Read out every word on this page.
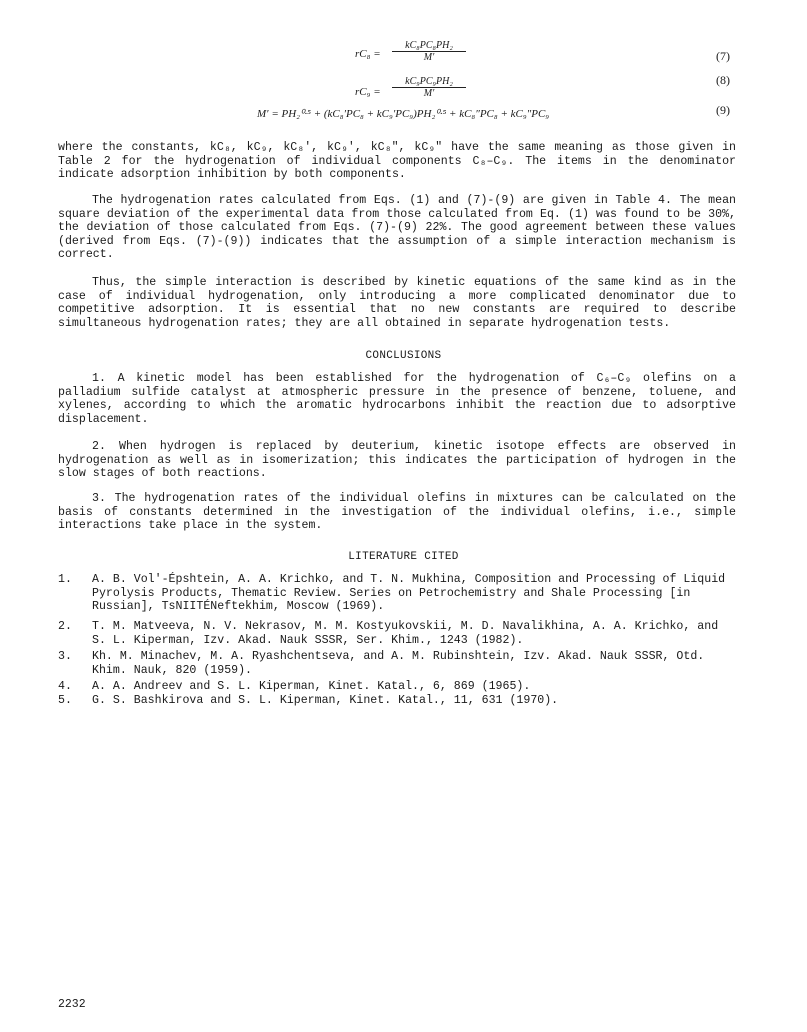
$rC_8 = \frac{\text{kC₈PC₈PH₂}}{M'}$	(7)
$rC_9 = \frac{\text{kC₉PC₉PH₂}}{M'}$	(8)
M′ = PH₂⁰·⁵ + (kC₈′PC₈ + kC₉′PC₉)PH₂⁰·⁵ + kC₈″PC₈ + kC₉″PC₉	(9)

where the constants, kC₈, kC₉, kC₈′, kC₉′, kC₈″, kC₉″ have the same meaning as those given in Table 2 for the hydrogenation of individual components C₈–C₉. The items in the denominator indicate adsorption inhibition by both components.

The hydrogenation rates calculated from Eqs. (1) and (7)-(9) are given in Table 4. The mean square deviation of the experimental data from those calculated from Eq. (1) was found to be 30%, the deviation of those calculated from Eqs. (7)-(9) 22%. The good agreement between these values (derived from Eqs. (7)-(9)) indicates that the assumption of a simple interaction mechanism is correct.

Thus, the simple interaction is described by kinetic equations of the same kind as in the case of individual hydrogenation, only introducing a more complicated denominator due to competitive adsorption. It is essential that no new constants are required to describe simultaneous hydrogenation rates; they are all obtained in separate hydrogenation tests.

CONCLUSIONS

1. A kinetic model has been established for the hydrogenation of C₆–C₉ olefins on a palladium sulfide catalyst at atmospheric pressure in the presence of benzene, toluene, and xylenes, according to which the aromatic hydrocarbons inhibit the reaction due to adsorptive displacement.

2. When hydrogen is replaced by deuterium, kinetic isotope effects are observed in hydrogenation as well as in isomerization; this indicates the participation of hydrogen in the slow stages of both reactions.

3. The hydrogenation rates of the individual olefins in mixtures can be calculated on the basis of constants determined in the investigation of the individual olefins, i.e., simple interactions take place in the system.

LITERATURE CITED
1. A. B. Vol'-Épshtein, A. A. Krichko, and T. N. Mukhina, Composition and Processing of Liquid Pyrolysis Products, Thematic Review. Series on Petrochemistry and Shale Processing [in Russian], TsNIITÉNeftekhim, Moscow (1969).
2. T. M. Matveeva, N. V. Nekrasov, M. M. Kostyukovskii, M. D. Navalikhina, A. A. Krichko, and S. L. Kiperman, Izv. Akad. Nauk SSSR, Ser. Khim., 1243 (1982).
3. Kh. M. Minachev, M. A. Ryashchentseva, and A. M. Rubinshtein, Izv. Akad. Nauk SSSR, Otd. Khim. Nauk, 820 (1959).
4. A. A. Andreev and S. L. Kiperman, Kinet. Katal., 6, 869 (1965).
5. G. S. Bashkirova and S. L. Kiperman, Kinet. Katal., 11, 631 (1970).
2232
